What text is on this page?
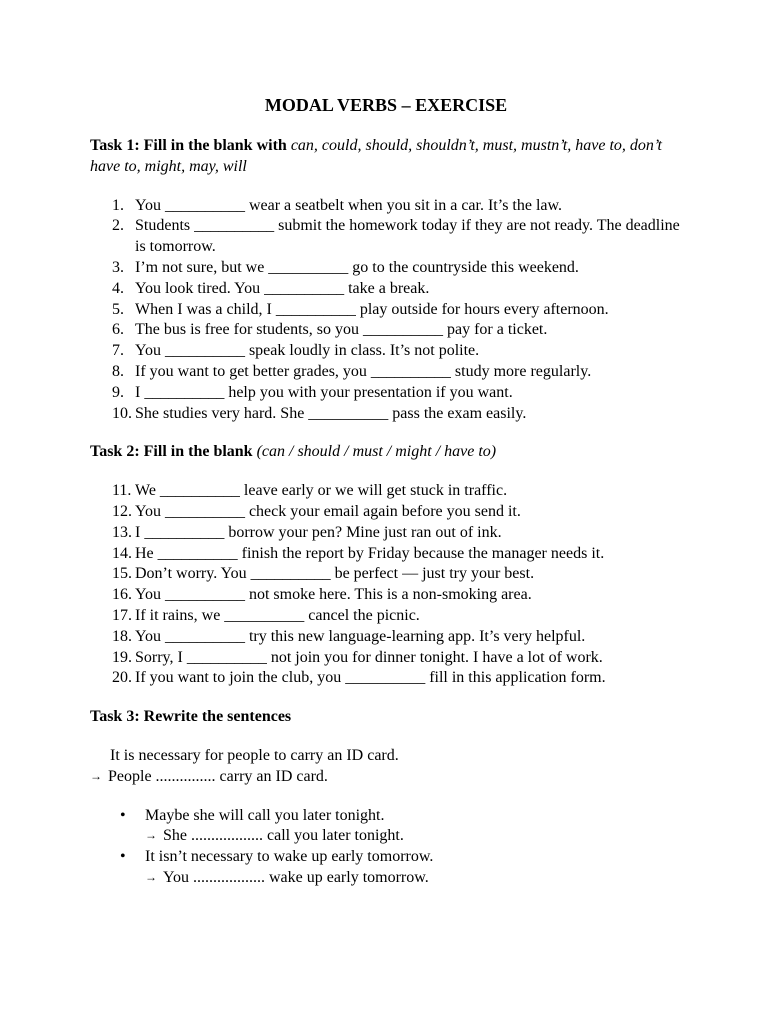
MODAL VERBS – EXERCISE

Task 1: Fill in the blank with can, could, should, shouldn’t, must, mustn’t, have to, don’t have to, might, may, will

1. You __________ wear a seatbelt when you sit in a car. It’s the law.
2. Students __________ submit the homework today if they are not ready. The deadline is tomorrow.
3. I’m not sure, but we __________ go to the countryside this weekend.
4. You look tired. You __________ take a break.
5. When I was a child, I __________ play outside for hours every afternoon.
6. The bus is free for students, so you __________ pay for a ticket.
7. You __________ speak loudly in class. It’s not polite.
8. If you want to get better grades, you __________ study more regularly.
9. I __________ help you with your presentation if you want.
10. She studies very hard. She __________ pass the exam easily.

Task 2: Fill in the blank (can / should / must / might / have to)

11. We __________ leave early or we will get stuck in traffic.
12. You __________ check your email again before you send it.
13. I __________ borrow your pen? Mine just ran out of ink.
14. He __________ finish the report by Friday because the manager needs it.
15. Don’t worry. You __________ be perfect — just try your best.
16. You __________ not smoke here. This is a non-smoking area.
17. If it rains, we __________ cancel the picnic.
18. You __________ try this new language-learning app. It’s very helpful.
19. Sorry, I __________ not join you for dinner tonight. I have a lot of work.
20. If you want to join the club, you __________ fill in this application form.

Task 3: Rewrite the sentences

It is necessary for people to carry an ID card.
→ People ............... carry an ID card.
• Maybe she will call you later tonight.
→ She .................. call you later tonight.
• It isn’t necessary to wake up early tomorrow.
→ You .................. wake up early tomorrow.
